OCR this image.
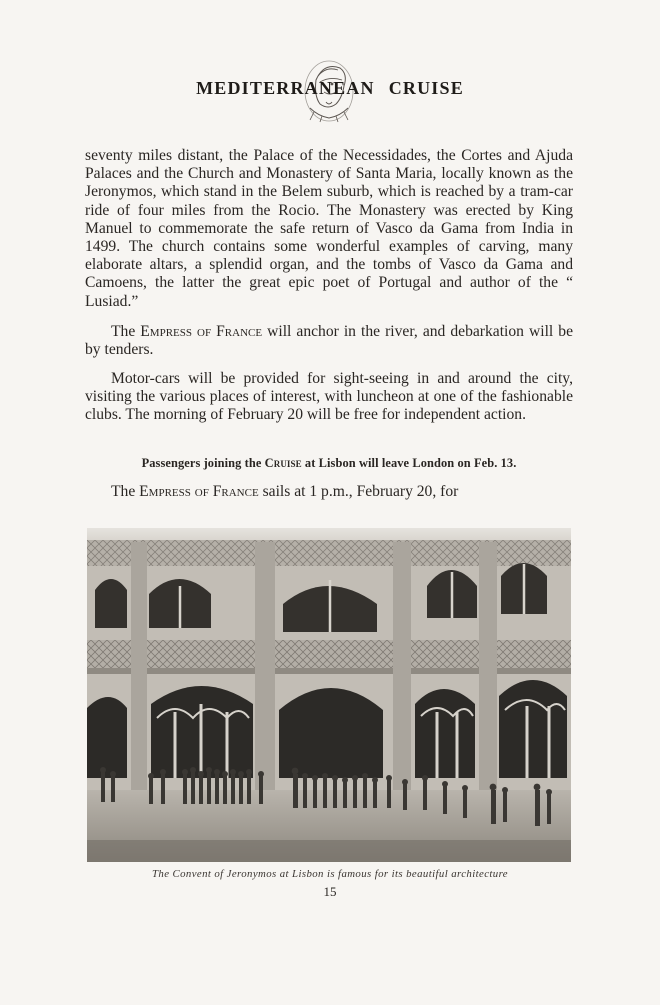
MEDITERRANEAN CRUISE
seventy miles distant, the Palace of the Necessidades, the Cortes and Ajuda Palaces and the Church and Monastery of Santa Maria, locally known as the Jeronymos, which stand in the Belem suburb, which is reached by a tram-car ride of four miles from the Rocio. The Monastery was erected by King Manuel to commemorate the safe return of Vasco da Gama from India in 1499. The church contains some wonderful examples of carving, many elaborate altars, a splendid organ, and the tombs of Vasco da Gama and Camoens, the latter the great epic poet of Portugal and author of the “ Lusiad.”
The Empress of France will anchor in the river, and debarkation will be by tenders.
Motor-cars will be provided for sight-seeing in and around the city, visiting the various places of interest, with luncheon at one of the fashionable clubs. The morning of February 20 will be free for independent action.
Passengers joining the Cruise at Lisbon will leave London on Feb. 13.
The Empress of France sails at 1 p.m., February 20, for
The Convent of Jeronymos at Lisbon is famous for its beautiful architecture
15
